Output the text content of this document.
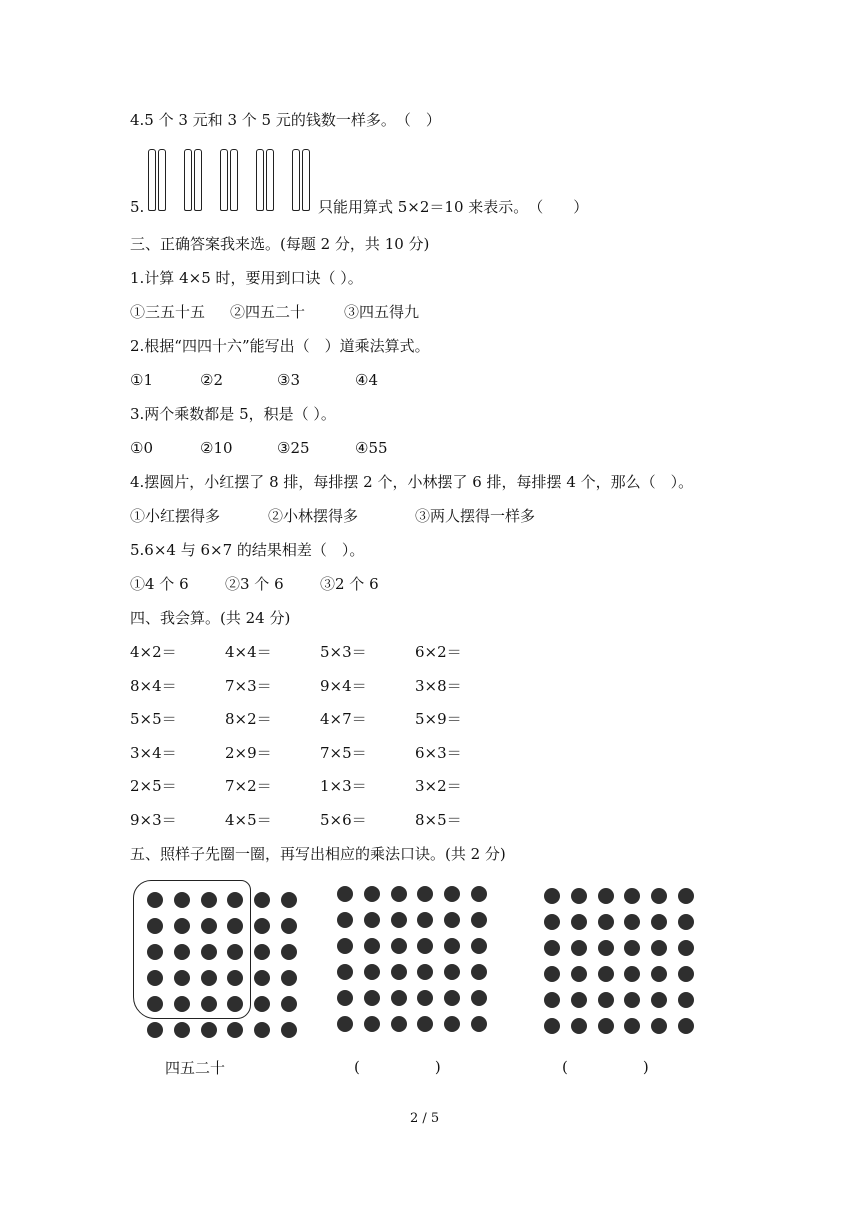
4.5 个 3 元和 3 个 5 元的钱数一样多。　（　）
5.	只能用算式 5×2＝10 来表示。　（　　）
三、正确答案我来选。(每题 2 分，共 10 分)
1.计算 4×5 时，要用到口诀（ ）。
①三五十五 ②四五二十	③四五得九
2.根据“四四十六”能写出（　）道乘法算式。
①1	②2	③3	④4
3.两个乘数都是 5，积是（ ）。
①0	②10	③25	④55
4.摆圆片，小红摆了 8 排，每排摆 2 个，小林摆了 6 排，每排摆 4 个，那么（　）。
①小红摆得多	②小林摆得多	③两人摆得一样多
5.6×4 与 6×7 的结果相差（　）。
①4 个 6 ②3 个 6 ③2 个 6
四、我会算。(共 24 分)
4×2＝	4×4＝	5×3＝	6×2＝
8×4＝	7×3＝	9×4＝	3×8＝
5×5＝	8×2＝	4×7＝	5×9＝
3×4＝	2×9＝	7×5＝	6×3＝
2×5＝	7×2＝	1×3＝	3×2＝
9×3＝	4×5＝	5×6＝	8×5＝
五、照样子先圈一圈，再写出相应的乘法口诀。(共 2 分)
四五二十	(　　　　　)	(　　　　　)
2 / 5
